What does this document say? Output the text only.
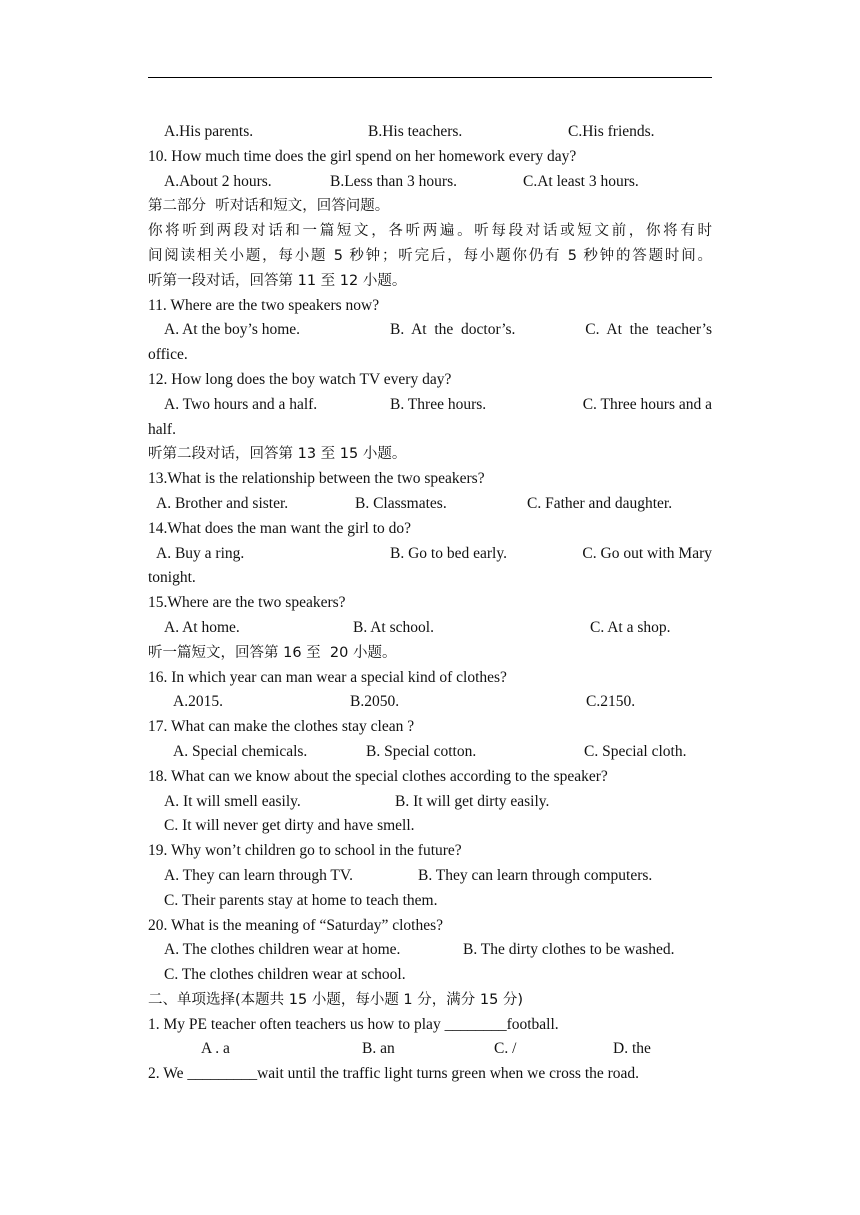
A.His parents.

	B.His teachers.

	C.His friends.

10. How much time does the girl spend on her homework every day?

A.About 2 hours.

	B.Less than 3 hours.

	C.At least 3 hours.

第二部分  听对话和短文，回答问题。
你将听到两段对话和一篇短文，各听两遍。听每段对话或短文前，你将有时
间阅读相关小题，每小题 5 秒钟；听完后，每小题你仍有 5 秒钟的答题时间。
听第一段对话，回答第 11 至 12 小题。
11. Where are the two speakers now?

A. At the boy’s home.

	B.  At  the  doctor’s.

	C.  At  the  teacher’s

office.
12. How long does the boy watch TV every day?

A. Two hours and a half.

	B. Three hours.

	C. Three hours and a

half.
听第二段对话，回答第 13 至 15 小题。
13.What is the relationship between the two speakers?

A. Brother and sister.

	B. Classmates.

	C. Father and daughter.

14.What does the man want the girl to do?

A. Buy a ring.

	B. Go to bed early.

	C. Go out with Mary

tonight.
15.Where are the two speakers?

A. At home.

	B. At school.

	C. At a shop.

听一篇短文，回答第 16 至  20 小题。
16. In which year can man wear a special kind of clothes?

A.2015.

	B.2050.

	C.2150.

17. What can make the clothes stay clean ?

A. Special chemicals.

	B. Special cotton.

	C. Special cloth.

18. What can we know about the special clothes according to the speaker?

A. It will smell easily.

	B. It will get dirty easily.

C. It will never get dirty and have smell.

19. Why won’t children go to school in the future?

A. They can learn through TV.

	B. They can learn through computers.

C. Their parents stay at home to teach them.

20. What is the meaning of “Saturday” clothes?

A. The clothes children wear at home.

	B. The dirty clothes to be washed.

C. The clothes children wear at school.

二、单项选择(本题共 15 小题，每小题 1 分，满分 15 分)
1. My PE teacher often teachers us how to play ________football.

A . a

	B. an

	C. /

	D. the

2. We _________wait until the traffic light turns green when we cross the road.
